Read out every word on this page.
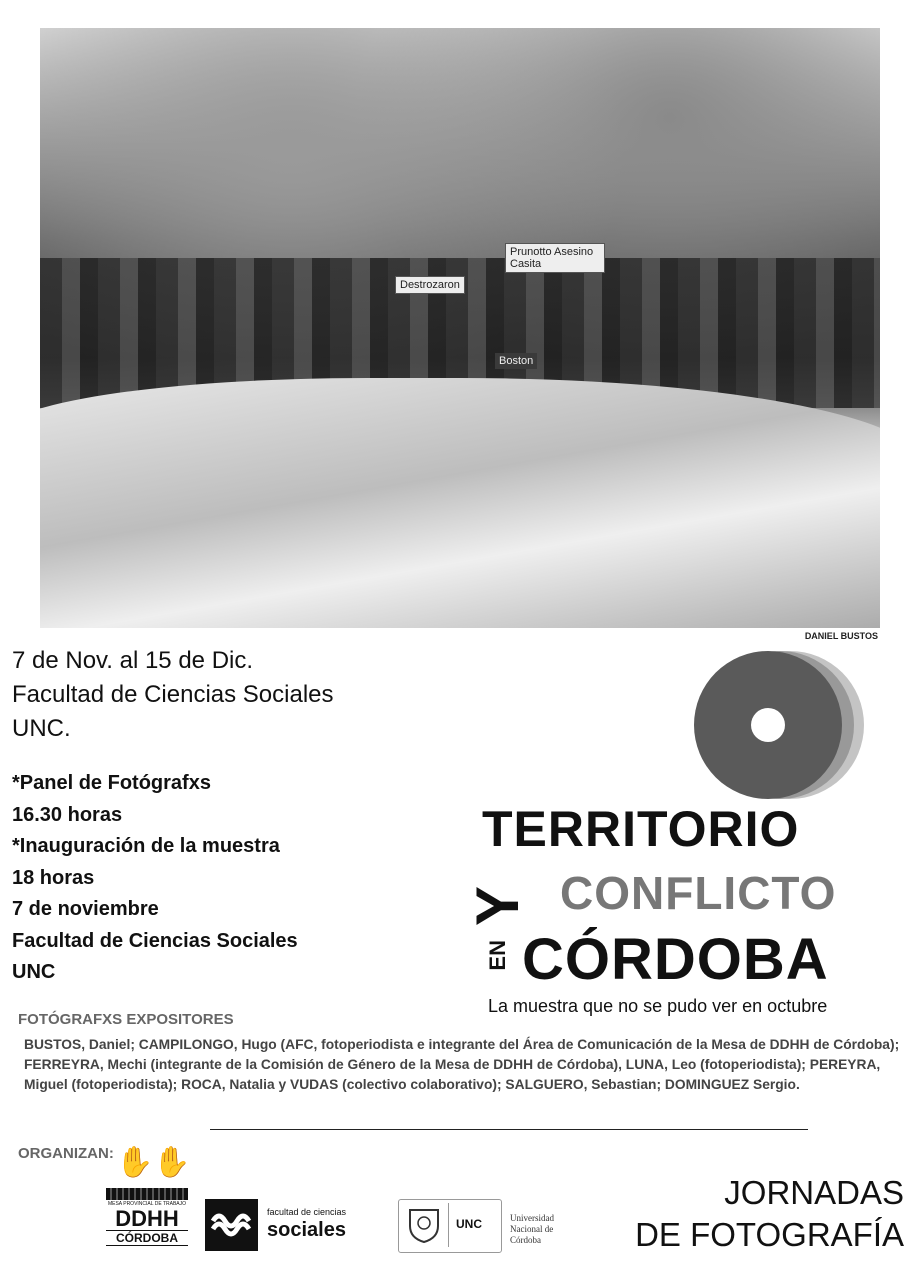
Prunotto Asesino Casita
Destrozaron
Boston
DANIEL BUSTOS
7 de Nov. al 15 de Dic.
Facultad de Ciencias Sociales
UNC.
*Panel de Fotógrafxs
16.30 horas
*Inauguración de la muestra
18 horas
7 de noviembre
Facultad de Ciencias Sociales
UNC
TERRITORIO
Y CONFLICTO
EN CÓRDOBA
La muestra que no se pudo ver en octubre
FOTÓGRAFXS EXPOSITORES
BUSTOS, Daniel; CAMPILONGO, Hugo (AFC, fotoperiodista e integrante del Área de Comunicación de la Mesa de DDHH de Córdoba); FERREYRA, Mechi (integrante de la Comisión de Género de la Mesa de DDHH de Córdoba), LUNA, Leo (fotoperiodista); PEREYRA, Miguel (fotoperiodista); ROCA, Natalia y VUDAS (colectivo colaborativo); SALGUERO, Sebastian; DOMINGUEZ Sergio.
ORGANIZAN: ✋✋
MESA PROVINCIAL DE TRABAJO
DDHH
CÓRDOBA
facultad de ciencias
sociales	UNC	Universidad Nacional de Córdoba
JORNADAS
DE FOTOGRAFÍA
